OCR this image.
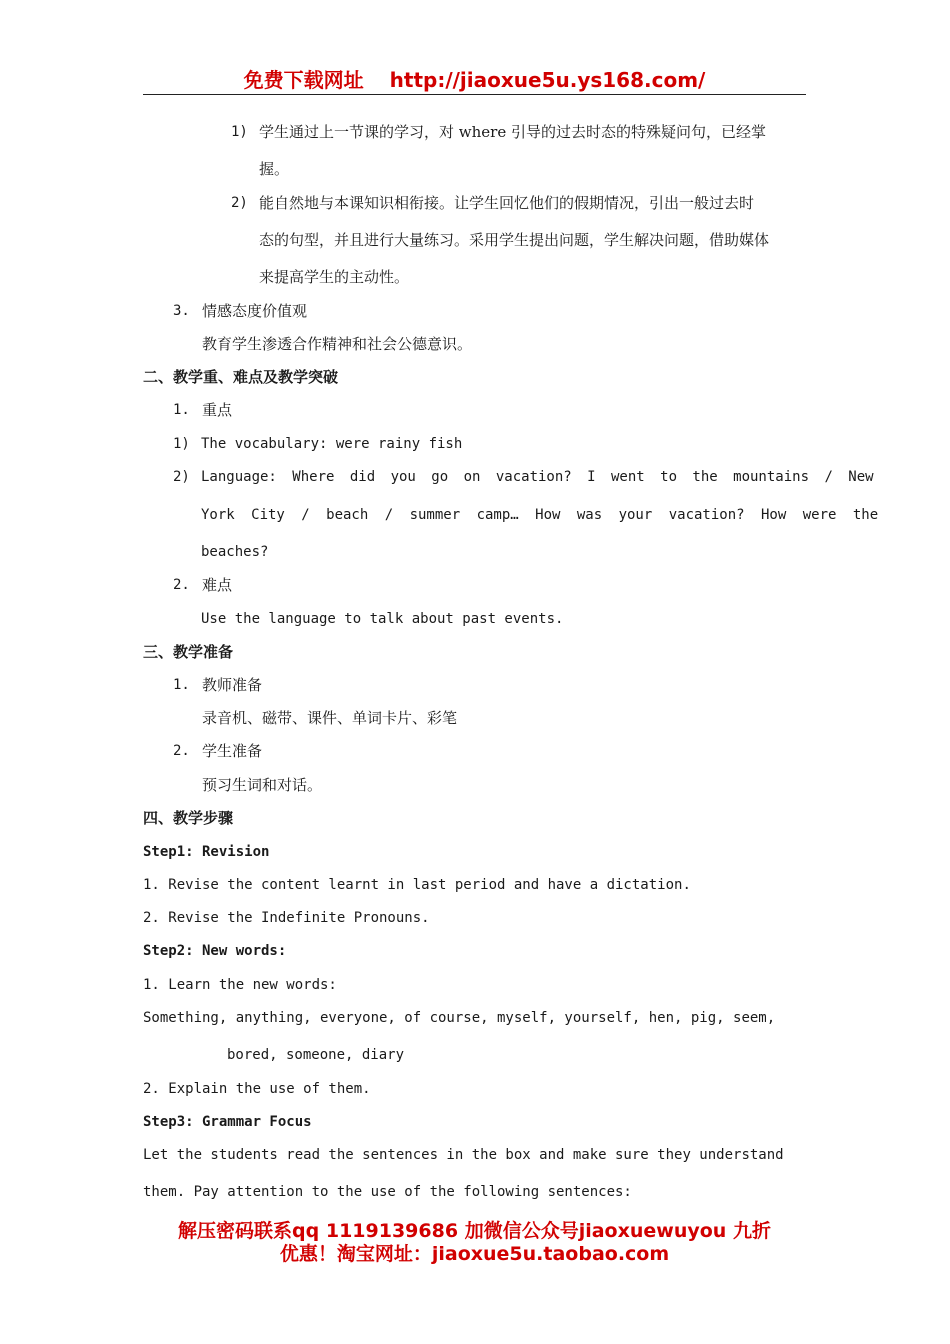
免费下载网址 http://jiaoxue5u.ys168.com/
1) 学生通过上一节课的学习，对 where 引导的过去时态的特殊疑问句，已经掌
握。
2) 能自然地与本课知识相衔接。让学生回忆他们的假期情况，引出一般过去时
态的句型，并且进行大量练习。采用学生提出问题，学生解决问题，借助媒体
来提高学生的主动性。
3. 情感态度价值观
教育学生渗透合作精神和社会公德意识。
二、教学重、难点及教学突破
1. 重点
1) The vocabulary: were rainy fish
2) Language: Where did you go on vacation? I went to the mountains / New
York City / beach / summer camp… How was your vacation? How were the
beaches?
2. 难点
Use the language to talk about past events.
三、教学准备
1. 教师准备
录音机、磁带、课件、单词卡片、彩笔
2. 学生准备
预习生词和对话。
四、教学步骤
Step1: Revision
1. Revise the content learnt in last period and have a dictation.
2. Revise the Indefinite Pronouns.
Step2: New words:
1. Learn the new words:
Something, anything, everyone, of course, myself, yourself, hen, pig, seem,
bored, someone, diary
2. Explain the use of them.
Step3: Grammar Focus
Let the students read the sentences in the box and make sure they understand
them. Pay attention to the use of the following sentences:
解压密码联系qq 1119139686 加微信公众号jiaoxuewuyou 九折
优惠！淘宝网址：jiaoxue5u.taobao.com
